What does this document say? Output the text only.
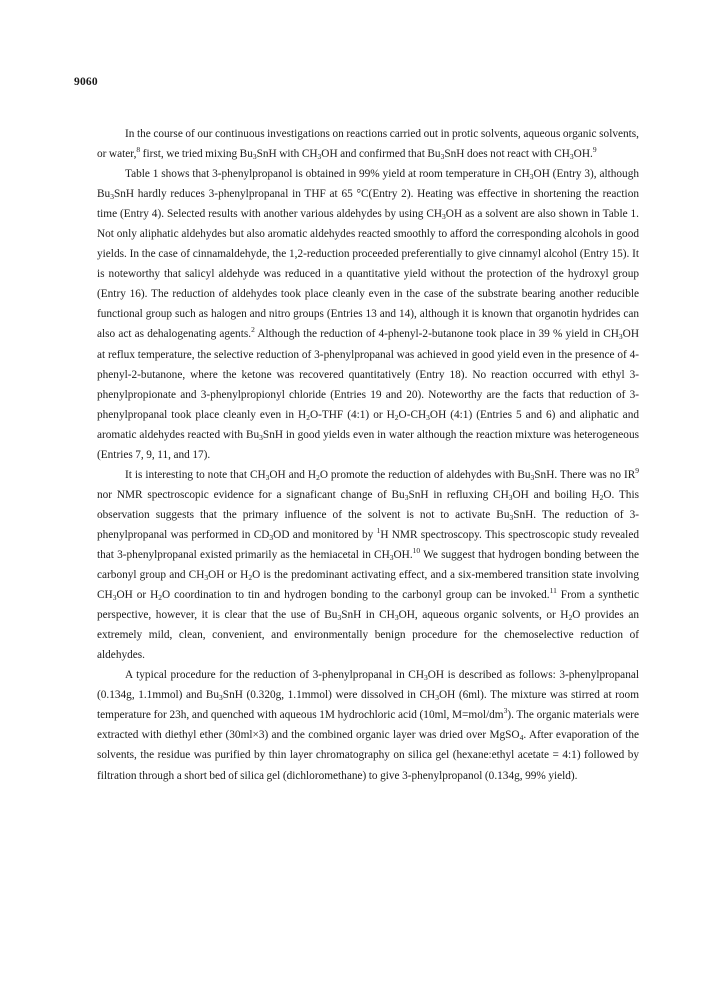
9060

In the course of our continuous investigations on reactions carried out in protic solvents, aqueous organic solvents, or water,$^8$ first, we tried mixing $Bu_3SnH$ with $CH_3OH$ and confirmed that $Bu_3SnH$ does not react with $CH_3OH.^9$

Table 1 shows that 3-phenylpropanol is obtained in 99% yield at room temperature in $CH_3OH$ (Entry 3), although $Bu_3SnH$ hardly reduces 3-phenylpropanal in THF at 65 °C(Entry 2). Heating was effective in shortening the reaction time (Entry 4). Selected results with another various aldehydes by using $CH_3OH$ as a solvent are also shown in Table 1. Not only aliphatic aldehydes but also aromatic aldehydes reacted smoothly to afford the corresponding alcohols in good yields. In the case of cinnamaldehyde, the 1,2-reduction proceeded preferentially to give cinnamyl alcohol (Entry 15). It is noteworthy that salicyl aldehyde was reduced in a quantitative yield without the protection of the hydroxyl group (Entry 16). The reduction of aldehydes took place cleanly even in the case of the substrate bearing another reducible functional group such as halogen and nitro groups (Entries 13 and 14), although it is known that organotin hydrides can also act as dehalogenating agents.$^2$ Although the reduction of 4-phenyl-2-butanone took place in 39 % yield in $CH_3OH$ at reflux temperature, the selective reduction of 3-phenylpropanal was achieved in good yield even in the presence of 4-phenyl-2-butanone, where the ketone was recovered quantitatively (Entry 18). No reaction occurred with ethyl 3-phenylpropionate and 3-phenylpropionyl chloride (Entries 19 and 20). Noteworthy are the facts that reduction of 3-phenylpropanal took place cleanly even in $H_2O$-THF (4:1) or $H_2O-CH_3OH$ (4:1) (Entries 5 and 6) and aliphatic and aromatic aldehydes reacted with $Bu_3SnH$ in good yields even in water although the reaction mixture was heterogeneous (Entries 7, 9, 11, and 17).

It is interesting to note that $CH_3OH$ and $H_2O$ promote the reduction of aldehydes with $Bu_3SnH$. There was no $IR^9$ nor NMR spectroscopic evidence for a signaficant change of $Bu_3SnH$ in refluxing $CH_3OH$ and boiling $H_2O$. This observation suggests that the primary influence of the solvent is not to activate $Bu_3SnH$. The reduction of 3-phenylpropanal was performed in $CD_3OD$ and monitored by $^1$H NMR spectroscopy. This spectroscopic study revealed that 3-phenylpropanal existed primarily as the hemiacetal in $CH_3OH.^{10}$ We suggest that hydrogen bonding between the carbonyl group and $CH_3OH$ or $H_2O$ is the predominant activating effect, and a six-membered transition state involving $CH_3OH$ or $H_2O$ coordination to tin and hydrogen bonding to the carbonyl group can be invoked.$^{11}$ From a synthetic perspective, however, it is clear that the use of $Bu_3SnH$ in $CH_3OH$, aqueous organic solvents, or $H_2O$ provides an extremely mild, clean, convenient, and environmentally benign procedure for the chemoselective reduction of aldehydes.

A typical procedure for the reduction of 3-phenylpropanal in $CH_3OH$ is described as follows: 3-phenylpropanal (0.134g, 1.1mmol) and $Bu_3SnH$ (0.320g, 1.1mmol) were dissolved in $CH_3OH$ (6ml). The mixture was stirred at room temperature for 23h, and quenched with aqueous 1M hydrochloric acid (10ml, $M=mol/dm^3$). The organic materials were extracted with diethyl ether (30ml×3) and the combined organic layer was dried over MgSO$_4$. After evaporation of the solvents, the residue was purified by thin layer chromatography on silica gel (hexane:ethyl acetate = 4:1) followed by filtration through a short bed of silica gel (dichloromethane) to give 3-phenylpropanol (0.134g, 99% yield).
